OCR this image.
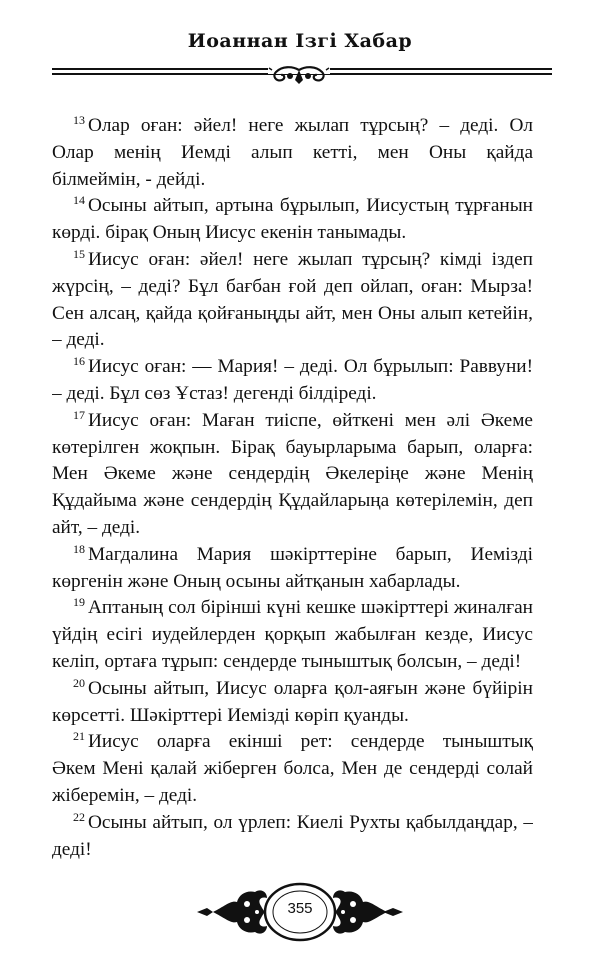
Иоаннан Ізгі Хабар
$^{13}$ Олар оған: әйел! неге жылап тұрсың? – деді. Ол
Олар менің Иемді алып кетті, мен Оны қайда
білмеймін, - дейді.
$^{14}$ Осыны айтып, артына бұрылып, Иисустың тұрғанын
көрді. бірақ Оның Иисус екенін танымады.
$^{15}$ Иисус оған: әйел! неге жылап тұрсың? кімді іздеп
жүрсің, – деді? Бұл бағбан ғой деп ойлап, оған: Мырза!
Сен алсаң, қайда қойғаныңды айт, мен Оны алып кетейін,
– деді.
$^{16}$ Иисус оған: — Мария! – деді. Ол бұрылып: Раввуни!
– деді. Бұл сөз Ұстаз! дегенді білдіреді.
$^{17}$ Иисус оған: Маған тиіспе, өйткені мен әлі Әкеме
көтерілген жоқпын. Бірақ бауырларыма барып, оларға:
Мен Әкеме және сендердің Әкелеріңе және Менің
Құдайыма және сендердің Құдайларыңа көтерілемін, деп
айт, – деді.
$^{18}$ Магдалина Мария шәкірттеріне барып, Иемізді
көргенін және Оның осыны айтқанын хабарлады.
$^{19}$ Аптаның сол бірінші күні кешке шәкірттері жиналған
үйдің есігі иудейлерден қорқып жабылған кезде, Иисус
келіп, ортаға тұрып: сендерде тыныштық болсын, – деді!
$^{20}$ Осыны айтып, Иисус оларға қол-аяғын және бүйірін
көрсетті. Шәкірттері Иемізді көріп қуанды.
$^{21}$ Иисус оларға екінші рет: сендерде тыныштық
Әкем Мені қалай жіберген болса, Мен де сендерді солай
жіберемін, – деді.
$^{22}$ Осыны айтып, ол үрлеп: Киелі Рухты қабылдаңдар, –
деді!
355
